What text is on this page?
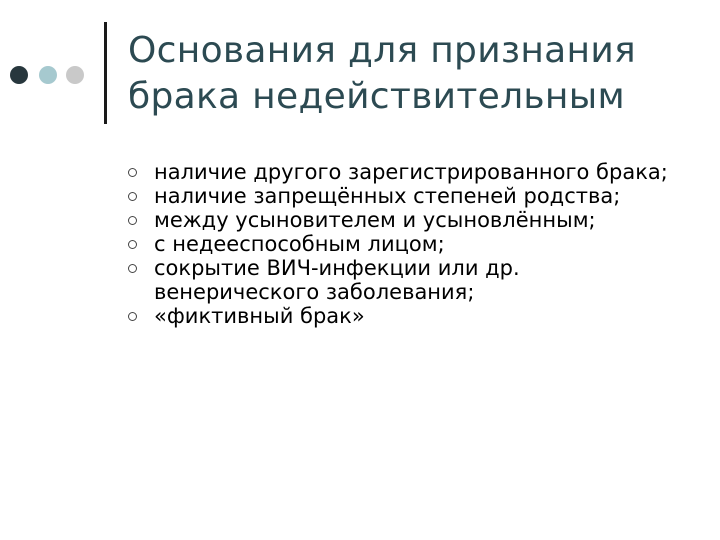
Основания для признания брака недействительным
наличие другого зарегистрированного брака;
наличие запрещённых степеней родства;
между усыновителем и усыновлённым;
с недееспособным лицом;
сокрытие ВИЧ-инфекции или др. венерического заболевания;
«фиктивный брак»
